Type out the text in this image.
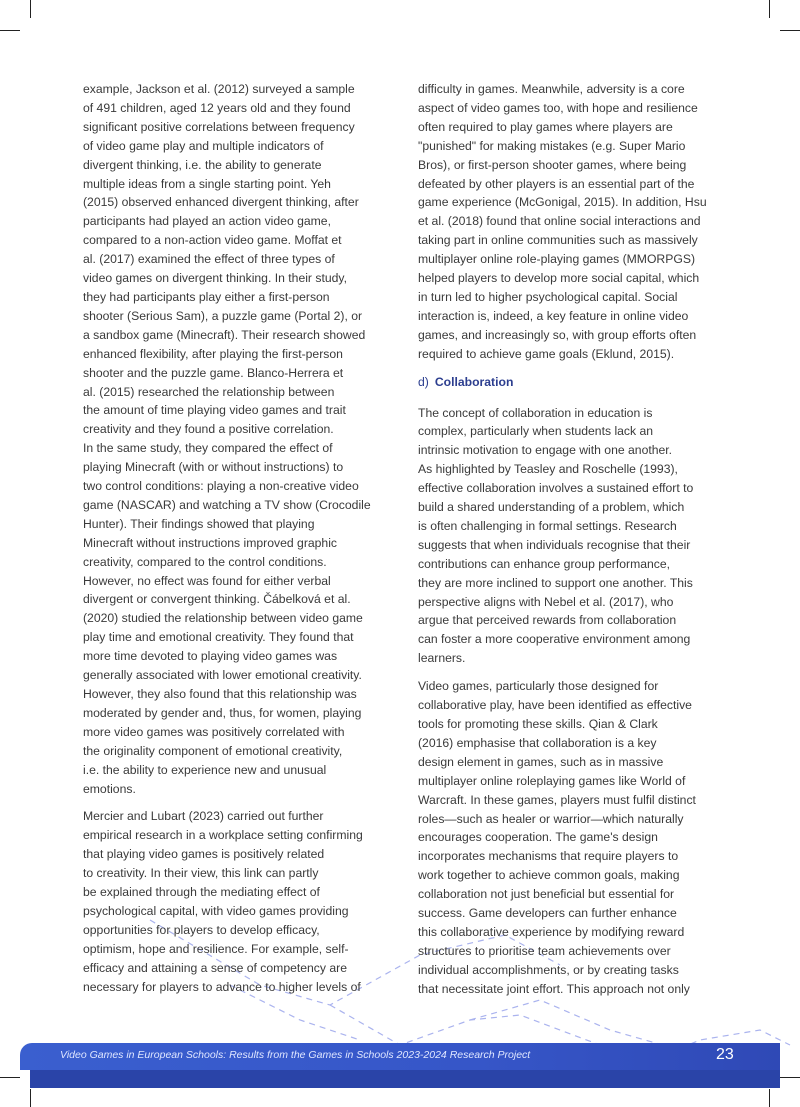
example, Jackson et al. (2012) surveyed a sample
of 491 children, aged 12 years old and they found
significant positive correlations between frequency
of video game play and multiple indicators of
divergent thinking, i.e. the ability to generate
multiple ideas from a single starting point. Yeh
(2015) observed enhanced divergent thinking, after
participants had played an action video game,
compared to a non-action video game. Moffat et
al. (2017) examined the effect of three types of
video games on divergent thinking. In their study,
they had participants play either a first-person
shooter (Serious Sam), a puzzle game (Portal 2), or
a sandbox game (Minecraft). Their research showed
enhanced flexibility, after playing the first-person
shooter and the puzzle game. Blanco-Herrera et
al. (2015) researched the relationship between
the amount of time playing video games and trait
creativity and they found a positive correlation.
In the same study, they compared the effect of
playing Minecraft (with or without instructions) to
two control conditions: playing a non-creative video
game (NASCAR) and watching a TV show (Crocodile
Hunter). Their findings showed that playing
Minecraft without instructions improved graphic
creativity, compared to the control conditions.
However, no effect was found for either verbal
divergent or convergent thinking. Čábelková et al.
(2020) studied the relationship between video game
play time and emotional creativity. They found that
more time devoted to playing video games was
generally associated with lower emotional creativity.
However, they also found that this relationship was
moderated by gender and, thus, for women, playing
more video games was positively correlated with
the originality component of emotional creativity,
i.e. the ability to experience new and unusual
emotions.

Mercier and Lubart (2023) carried out further
empirical research in a workplace setting confirming
that playing video games is positively related
to creativity. In their view, this link can partly
be explained through the mediating effect of
psychological capital, with video games providing
opportunities for players to develop efficacy,
optimism, hope and resilience. For example, self-
efficacy and attaining a sense of competency are
necessary for players to advance to higher levels of

difficulty in games. Meanwhile, adversity is a core
aspect of video games too, with hope and resilience
often required to play games where players are
"punished" for making mistakes (e.g. Super Mario
Bros), or first-person shooter games, where being
defeated by other players is an essential part of the
game experience (McGonigal, 2015). In addition, Hsu
et al. (2018) found that online social interactions and
taking part in online communities such as massively
multiplayer online role-playing games (MMORPGS)
helped players to develop more social capital, which
in turn led to higher psychological capital. Social
interaction is, indeed, a key feature in online video
games, and increasingly so, with group efforts often
required to achieve game goals (Eklund, 2015).

d) Collaboration

The concept of collaboration in education is
complex, particularly when students lack an
intrinsic motivation to engage with one another.
As highlighted by Teasley and Roschelle (1993),
effective collaboration involves a sustained effort to
build a shared understanding of a problem, which
is often challenging in formal settings. Research
suggests that when individuals recognise that their
contributions can enhance group performance,
they are more inclined to support one another. This
perspective aligns with Nebel et al. (2017), who
argue that perceived rewards from collaboration
can foster a more cooperative environment among
learners.

Video games, particularly those designed for
collaborative play, have been identified as effective
tools for promoting these skills. Qian & Clark
(2016) emphasise that collaboration is a key
design element in games, such as in massive
multiplayer online roleplaying games like World of
Warcraft. In these games, players must fulfil distinct
roles—such as healer or warrior—which naturally
encourages cooperation. The game's design
incorporates mechanisms that require players to
work together to achieve common goals, making
collaboration not just beneficial but essential for
success. Game developers can further enhance
this collaborative experience by modifying reward
structures to prioritise team achievements over
individual accomplishments, or by creating tasks
that necessitate joint effort. This approach not only

Video Games in European Schools: Results from the Games in Schools 2023-2024 Research Project	23
